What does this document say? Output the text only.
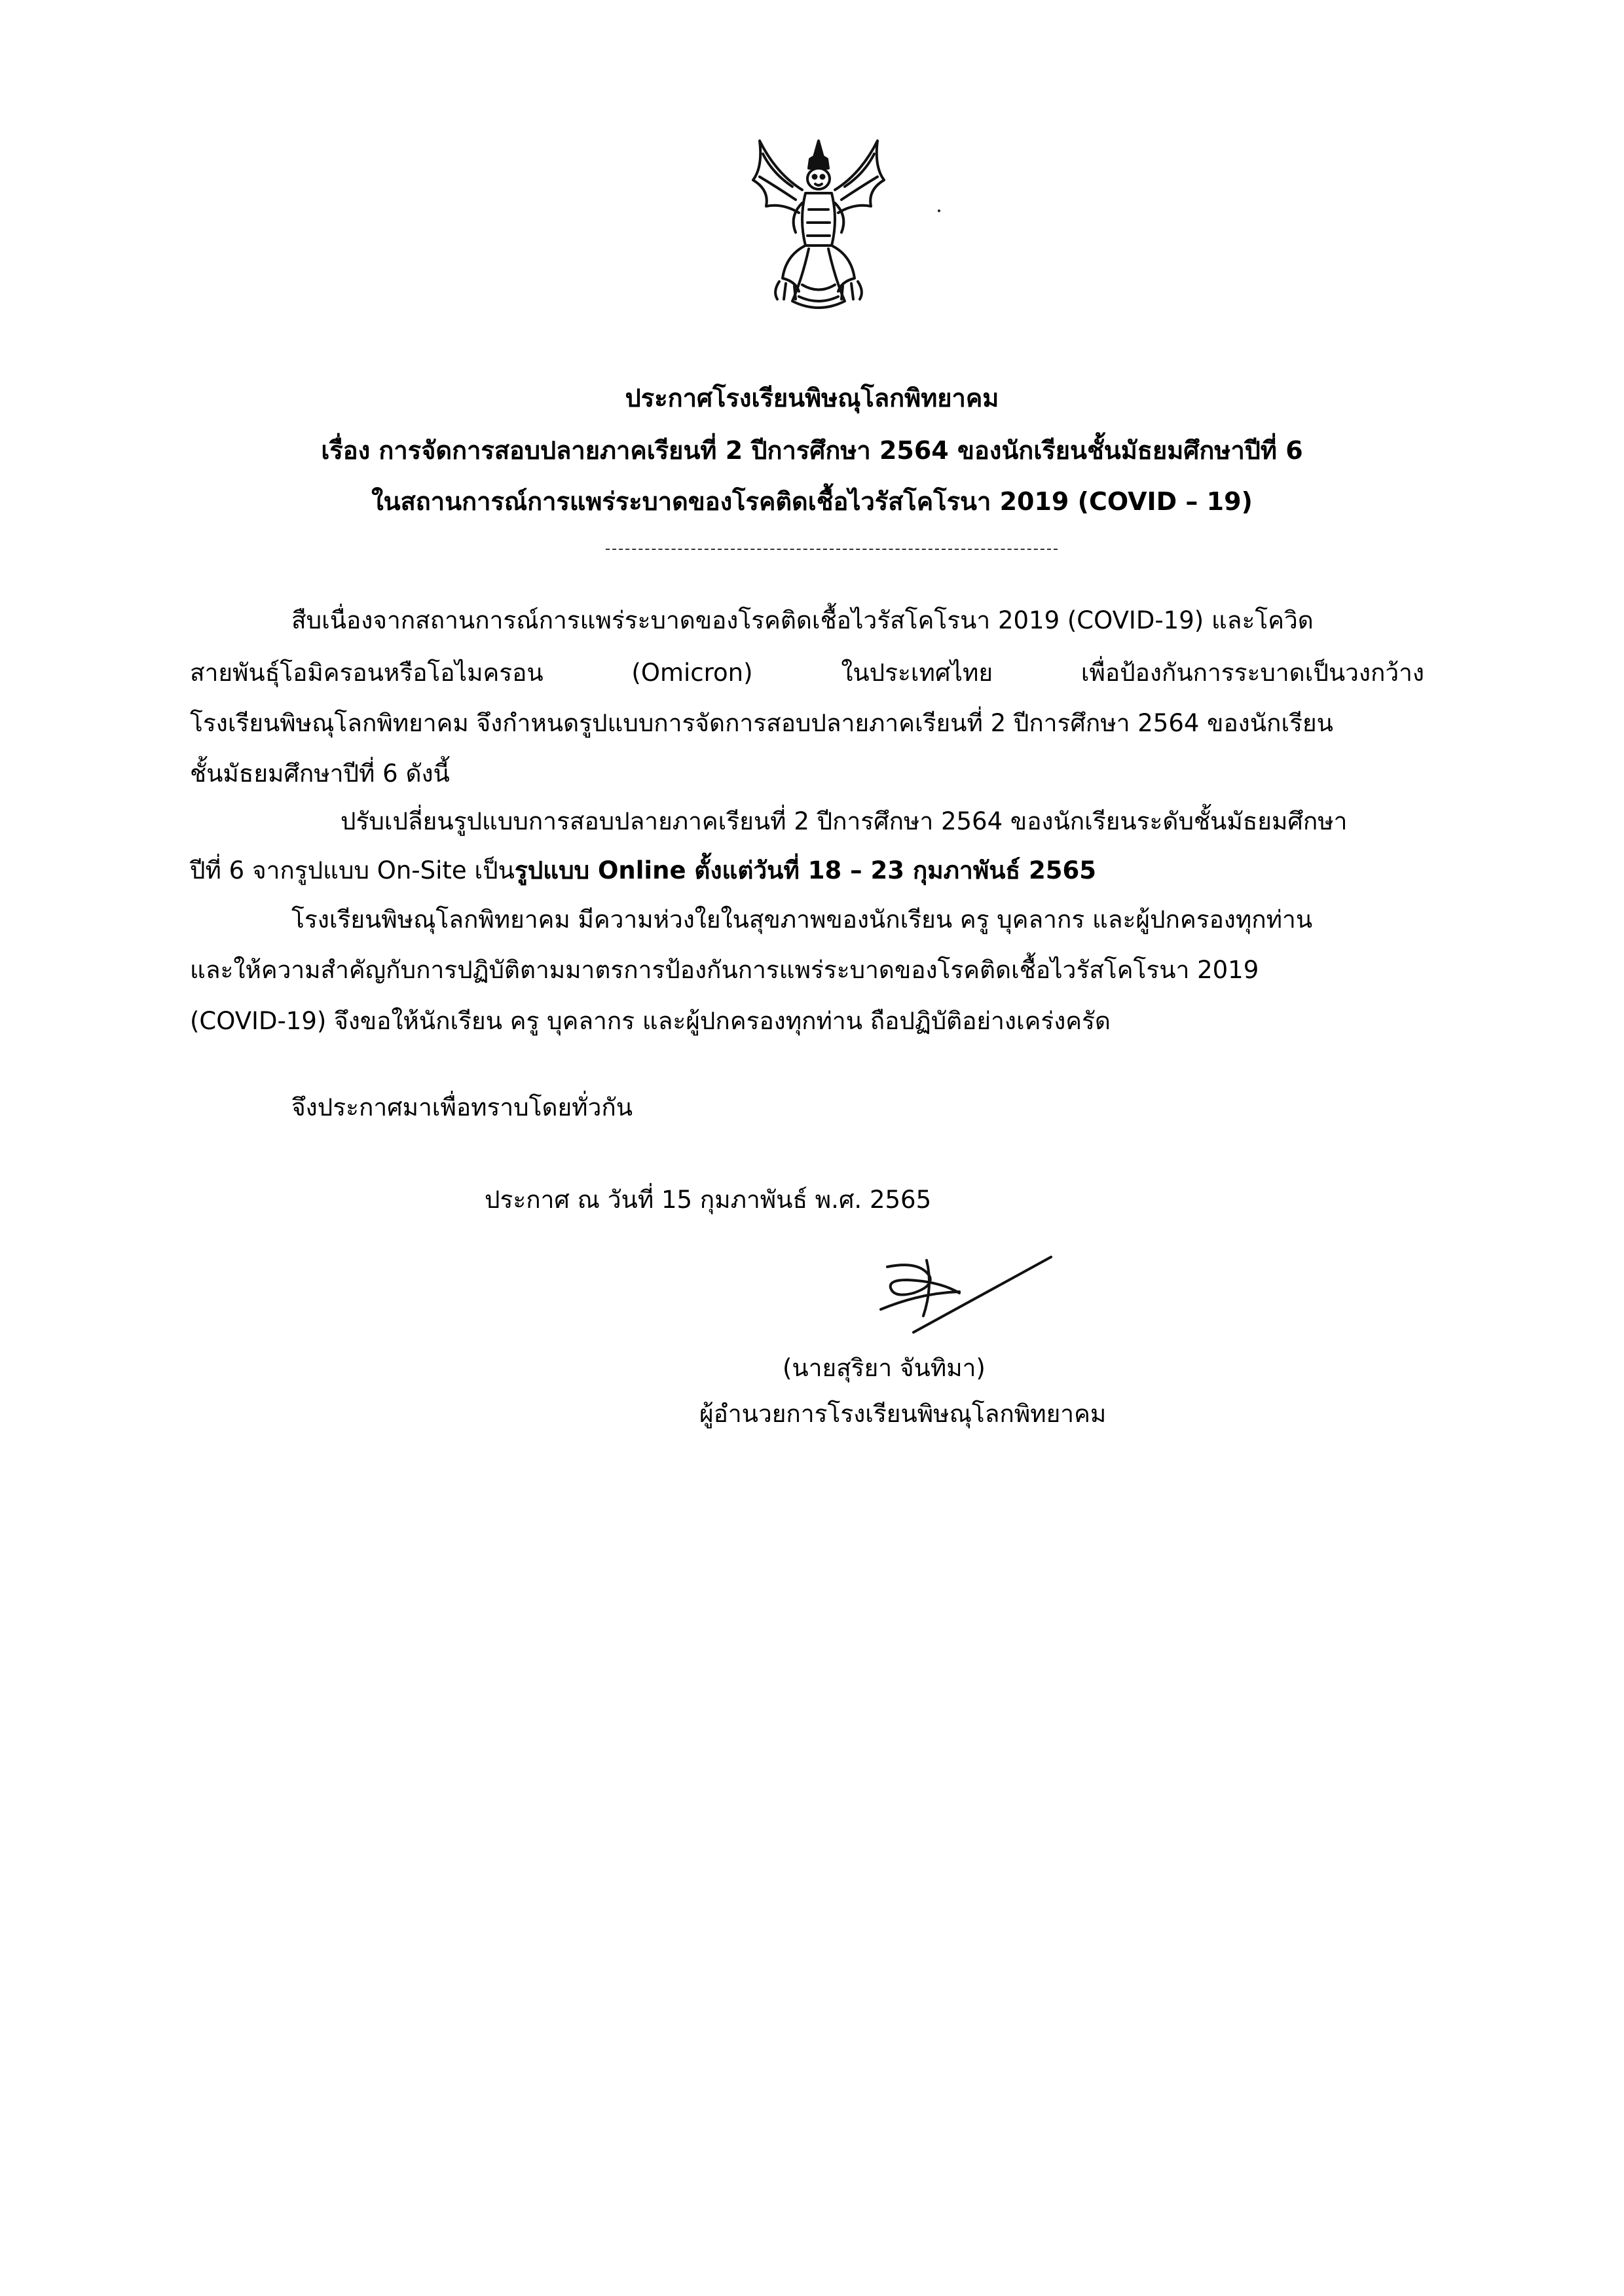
ประกาศโรงเรียนพิษณุโลกพิทยาคม
เรื่อง การจัดการสอบปลายภาคเรียนที่ 2 ปีการศึกษา 2564 ของนักเรียนชั้นมัธยมศึกษาปีที่ 6
ในสถานการณ์การแพร่ระบาดของโรคติดเชื้อไวรัสโคโรนา 2019 (COVID – 19)
สืบเนื่องจากสถานการณ์การแพร่ระบาดของโรคติดเชื้อไวรัสโคโรนา 2019 (COVID-19) และโควิด
สายพันธุ์โอมิครอนหรือโอไมครอน (Omicron) ในประเทศไทย เพื่อป้องกันการระบาดเป็นวงกว้าง
โรงเรียนพิษณุโลกพิทยาคม จึงกำหนดรูปแบบการจัดการสอบปลายภาคเรียนที่ 2 ปีการศึกษา 2564 ของนักเรียน
ชั้นมัธยมศึกษาปีที่ 6 ดังนี้
ปรับเปลี่ยนรูปแบบการสอบปลายภาคเรียนที่ 2 ปีการศึกษา 2564 ของนักเรียนระดับชั้นมัธยมศึกษา
ปีที่ 6 จากรูปแบบ On-Site เป็นรูปแบบ Online ตั้งแต่วันที่ 18 – 23 กุมภาพันธ์ 2565
โรงเรียนพิษณุโลกพิทยาคม มีความห่วงใยในสุขภาพของนักเรียน ครู บุคลากร และผู้ปกครองทุกท่าน
และให้ความสำคัญกับการปฏิบัติตามมาตรการป้องกันการแพร่ระบาดของโรคติดเชื้อไวรัสโคโรนา 2019
(COVID-19) จึงขอให้นักเรียน ครู บุคลากร และผู้ปกครองทุกท่าน ถือปฏิบัติอย่างเคร่งครัด
จึงประกาศมาเพื่อทราบโดยทั่วกัน
ประกาศ ณ วันที่ 15 กุมภาพันธ์ พ.ศ. 2565
(นายสุริยา จันทิมา)
ผู้อำนวยการโรงเรียนพิษณุโลกพิทยาคม
